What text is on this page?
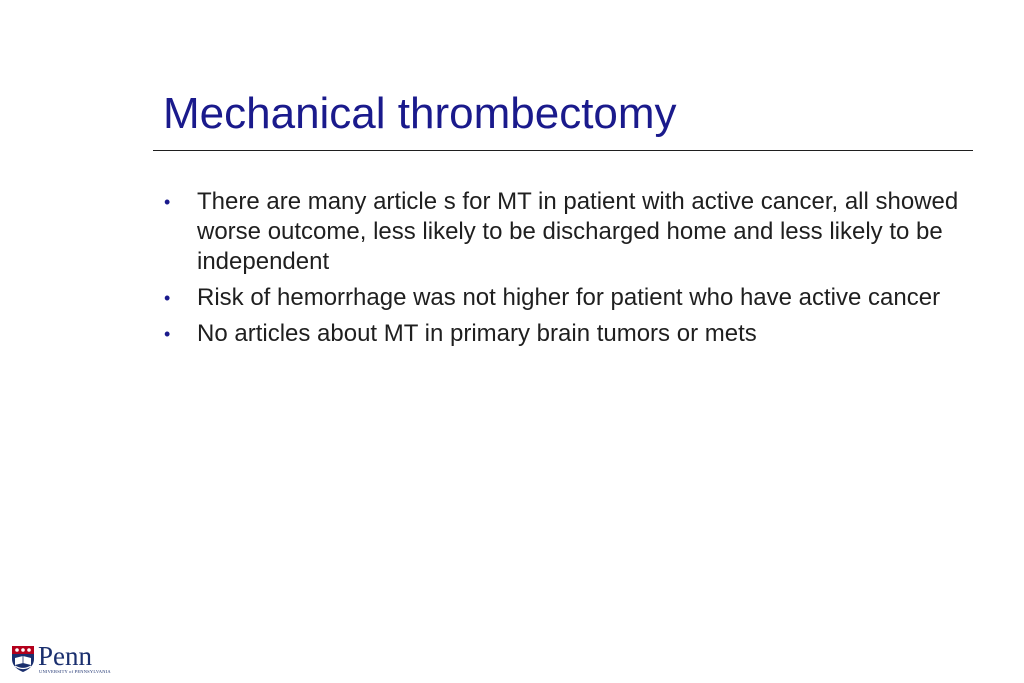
Mechanical thrombectomy
• There are many article s for MT in patient with active cancer, all showed worse outcome, less likely to be discharged home and less likely to be independent
• Risk of hemorrhage was not higher for patient who have active cancer
• No articles about MT in primary brain tumors or mets
Penn
UNIVERSITY of PENNSYLVANIA
